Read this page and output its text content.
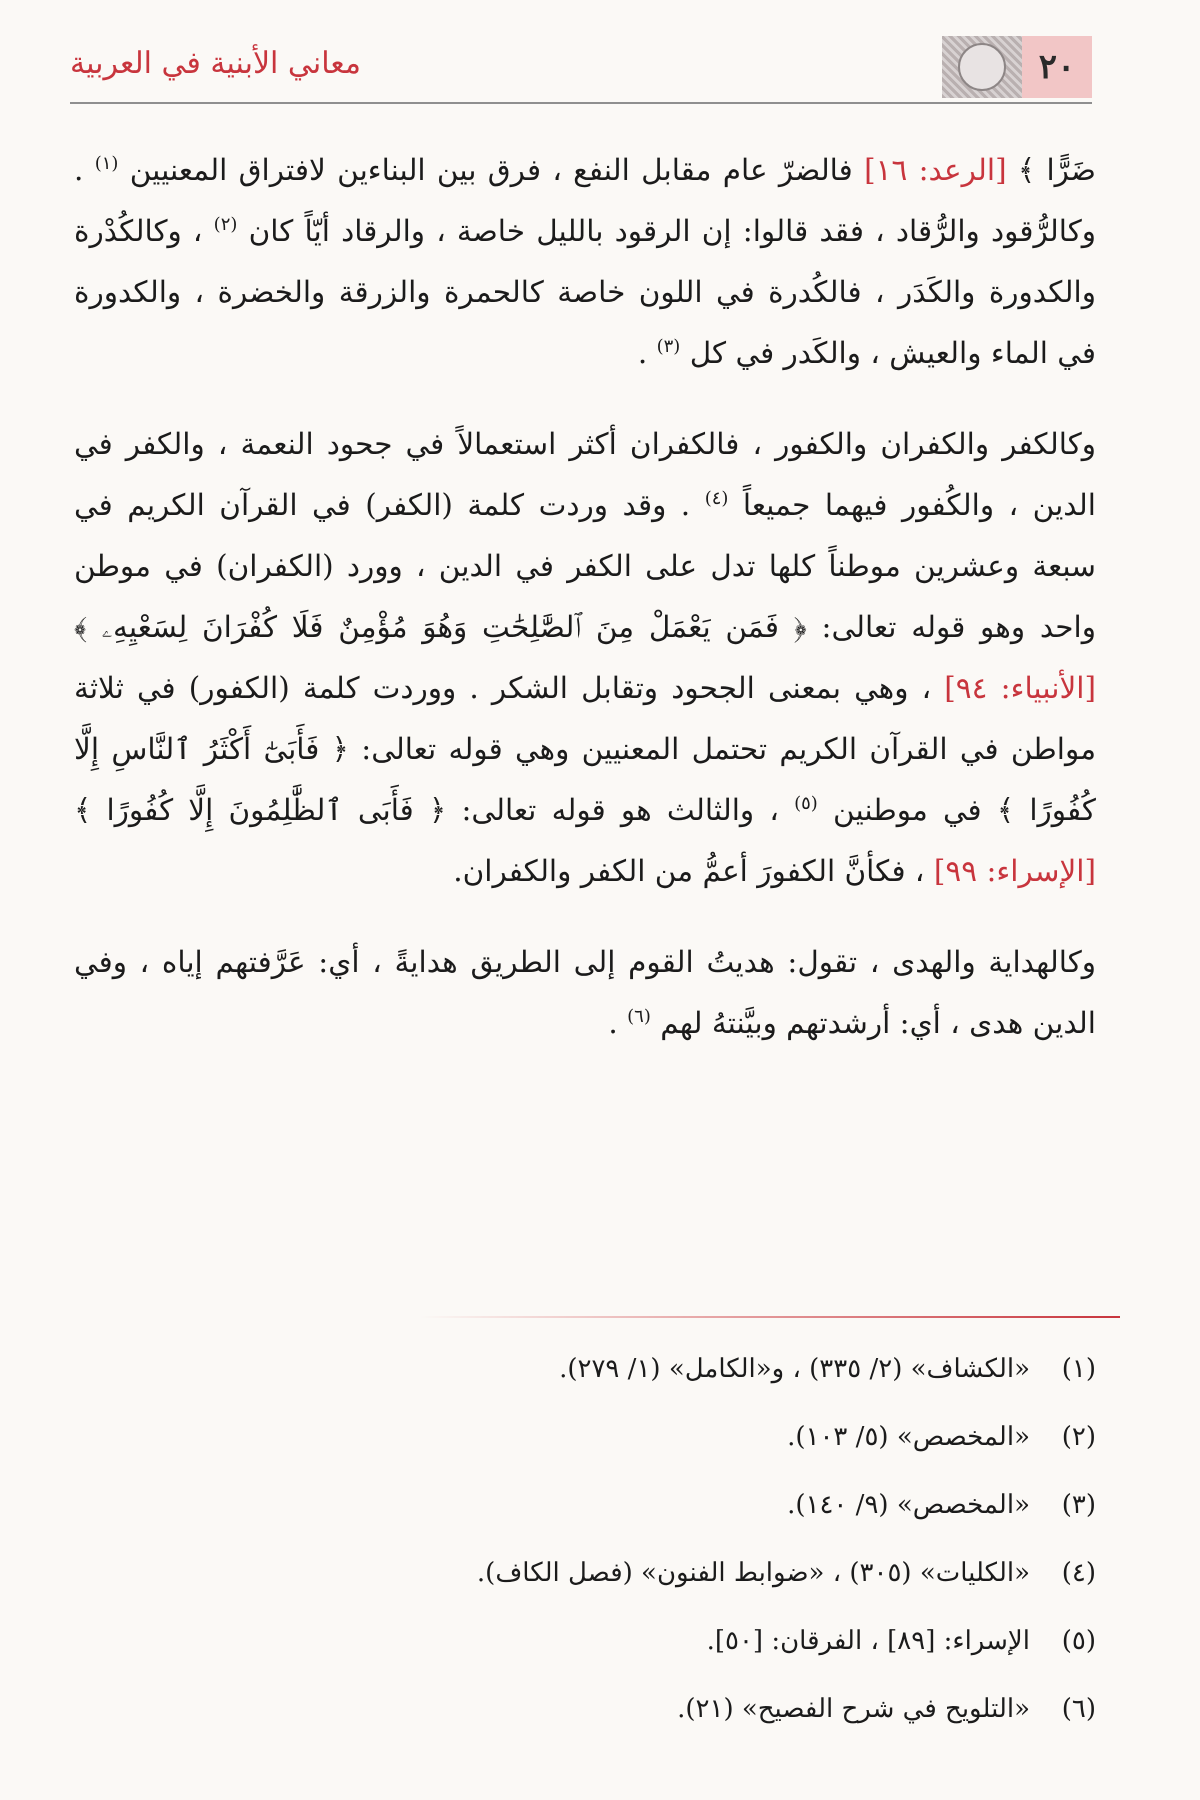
معاني الأبنية في العربية	٢٠

ضَرًّا ﴾ [الرعد: ١٦] فالضرّ عام مقابل النفع ، فرق بين البناءين لافتراق المعنيين $^{(١)}$ . وكالرُّقود والرُّقاد ، فقد قالوا: إن الرقود بالليل خاصة ، والرقاد أيّاً كان $^{(٢)}$ ، وكالكُدْرة والكدورة والكَدَر ، فالكُدرة في اللون خاصة كالحمرة والزرقة والخضرة ، والكدورة في الماء والعيش ، والكَدر في كل $^{(٣)}$ .

وكالكفر والكفران والكفور ، فالكفران أكثر استعمالاً في جحود النعمة ، والكفر في الدين ، والكُفور فيهما جميعاً $^{(٤)}$ . وقد وردت كلمة (الكفر) في القرآن الكريم في سبعة وعشرين موطناً كلها تدل على الكفر في الدين ، وورد (الكفران) في موطن واحد وهو قوله تعالى: ﴿ فَمَن يَعْمَلْ مِنَ ٱلصَّٰلِحَٰتِ وَهُوَ مُؤْمِنٌ فَلَا كُفْرَانَ لِسَعْيِهِۦ ﴾ [الأنبياء: ٩٤] ، وهي بمعنى الجحود وتقابل الشكر . ووردت كلمة (الكفور) في ثلاثة مواطن في القرآن الكريم تحتمل المعنيين وهي قوله تعالى: ﴿ فَأَبَىٰٓ أَكْثَرُ ٱلنَّاسِ إِلَّا كُفُورًا ﴾ في موطنين $^{(٥)}$ ، والثالث هو قوله تعالى: ﴿ فَأَبَى ٱلظَّٰلِمُونَ إِلَّا كُفُورًا ﴾ [الإسراء: ٩٩] ، فكأنَّ الكفورَ أعمُّ من الكفر والكفران.

وكالهداية والهدى ، تقول: هديتُ القوم إلى الطريق هدايةً ، أي: عَرَّفتهم إياه ، وفي الدين هدى ، أي: أرشدتهم وبيَّنتهُ لهم $^{(٦)}$ .

(١)
«الكشاف» (٢/ ٣٣٥) ، و«الكامل» (١/ ٢٧٩).
(٢)
«المخصص» (٥/ ١٠٣).
(٣)
«المخصص» (٩/ ١٤٠).
(٤)
«الكليات» (٣٠٥) ، «ضوابط الفنون» (فصل الكاف).
(٥)
الإسراء: [٨٩] ، الفرقان: [٥٠].
(٦)
«التلويح في شرح الفصيح» (٢١).
